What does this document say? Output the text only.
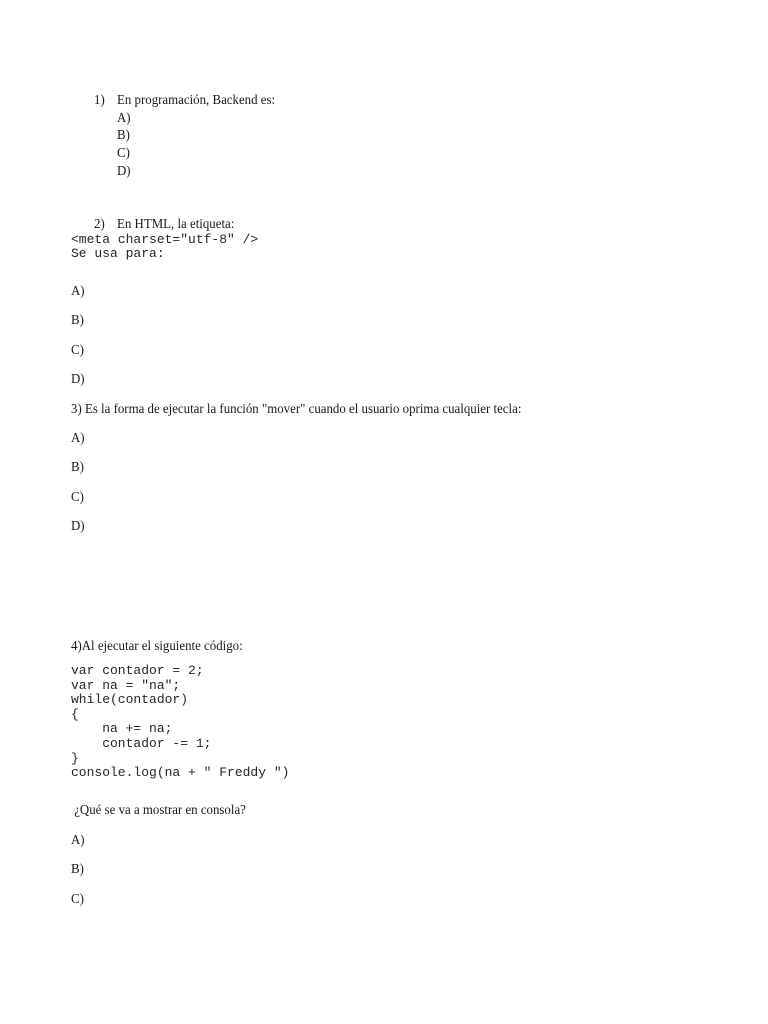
1) En programación, Backend es:
A)
B)
C)
D)
2) En HTML, la etiqueta:
<meta charset="utf-8" />
Se usa para:
A)
B)
C)
D)
3) Es la forma de ejecutar la función "mover" cuando el usuario oprima cualquier tecla:
A)
B)
C)
D)
4)Al ejecutar el siguiente código:
var contador = 2;
var na = "na";
while(contador)
{
na += na;
contador -= 1;
}
console.log(na + " Freddy ")
¿Qué se va a mostrar en consola?
A)
B)
C)
